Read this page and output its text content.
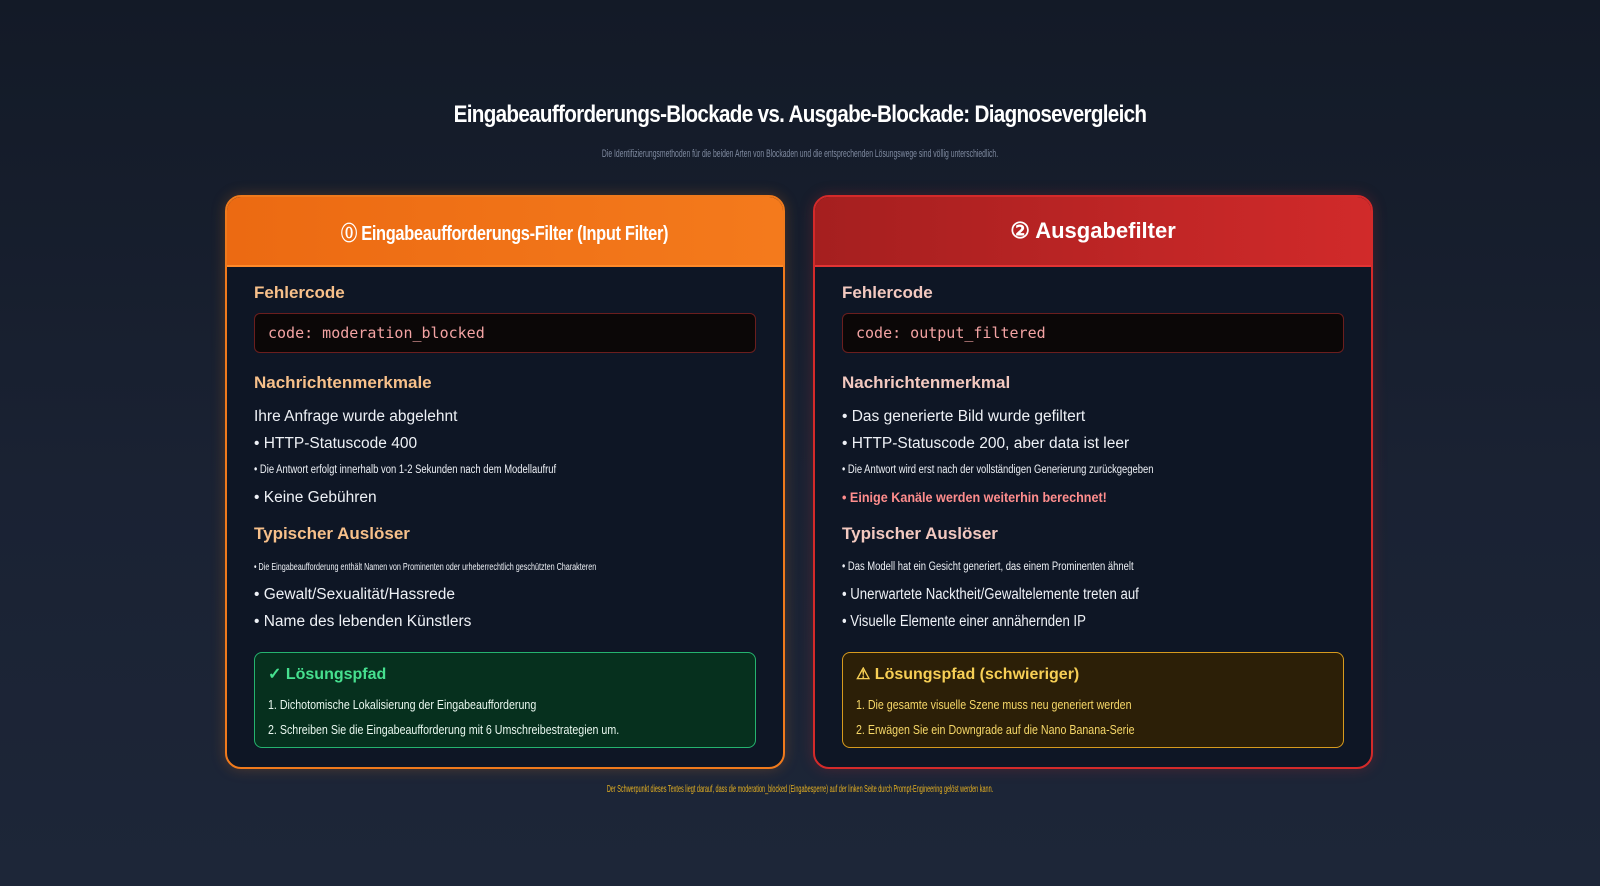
Eingabeaufforderungs-Blockade vs. Ausgabe-Blockade: Diagnosevergleich
Die Identifizierungsmethoden für die beiden Arten von Blockaden und die entsprechenden Lösungswege sind völlig unterschiedlich.
⓪ Eingabeaufforderungs-Filter (Input Filter)
Fehlercode
code: moderation_blocked
Nachrichtenmerkmale
Ihre Anfrage wurde abgelehnt
• HTTP-Statuscode 400
• Die Antwort erfolgt innerhalb von 1-2 Sekunden nach dem Modellaufruf
• Keine Gebühren
Typischer Auslöser
• Die Eingabeaufforderung enthält Namen von Prominenten oder urheberrechtlich geschützten Charakteren
• Gewalt/Sexualität/Hassrede
• Name des lebenden Künstlers
✓ Lösungspfad
1. Dichotomische Lokalisierung der Eingabeaufforderung
2. Schreiben Sie die Eingabeaufforderung mit 6 Umschreibestrategien um.
② Ausgabefilter
Fehlercode
code: output_filtered
Nachrichtenmerkmal
• Das generierte Bild wurde gefiltert
• HTTP-Statuscode 200, aber data ist leer
• Die Antwort wird erst nach der vollständigen Generierung zurückgegeben
• Einige Kanäle werden weiterhin berechnet!
Typischer Auslöser
• Das Modell hat ein Gesicht generiert, das einem Prominenten ähnelt
• Unerwartete Nacktheit/Gewaltelemente treten auf
• Visuelle Elemente einer annähernden IP
⚠ Lösungspfad (schwieriger)
1. Die gesamte visuelle Szene muss neu generiert werden
2. Erwägen Sie ein Downgrade auf die Nano Banana-Serie
Der Schwerpunkt dieses Textes liegt darauf, dass die moderation_blocked (Eingabesperre) auf der linken Seite durch Prompt-Engineering gelöst werden kann.
